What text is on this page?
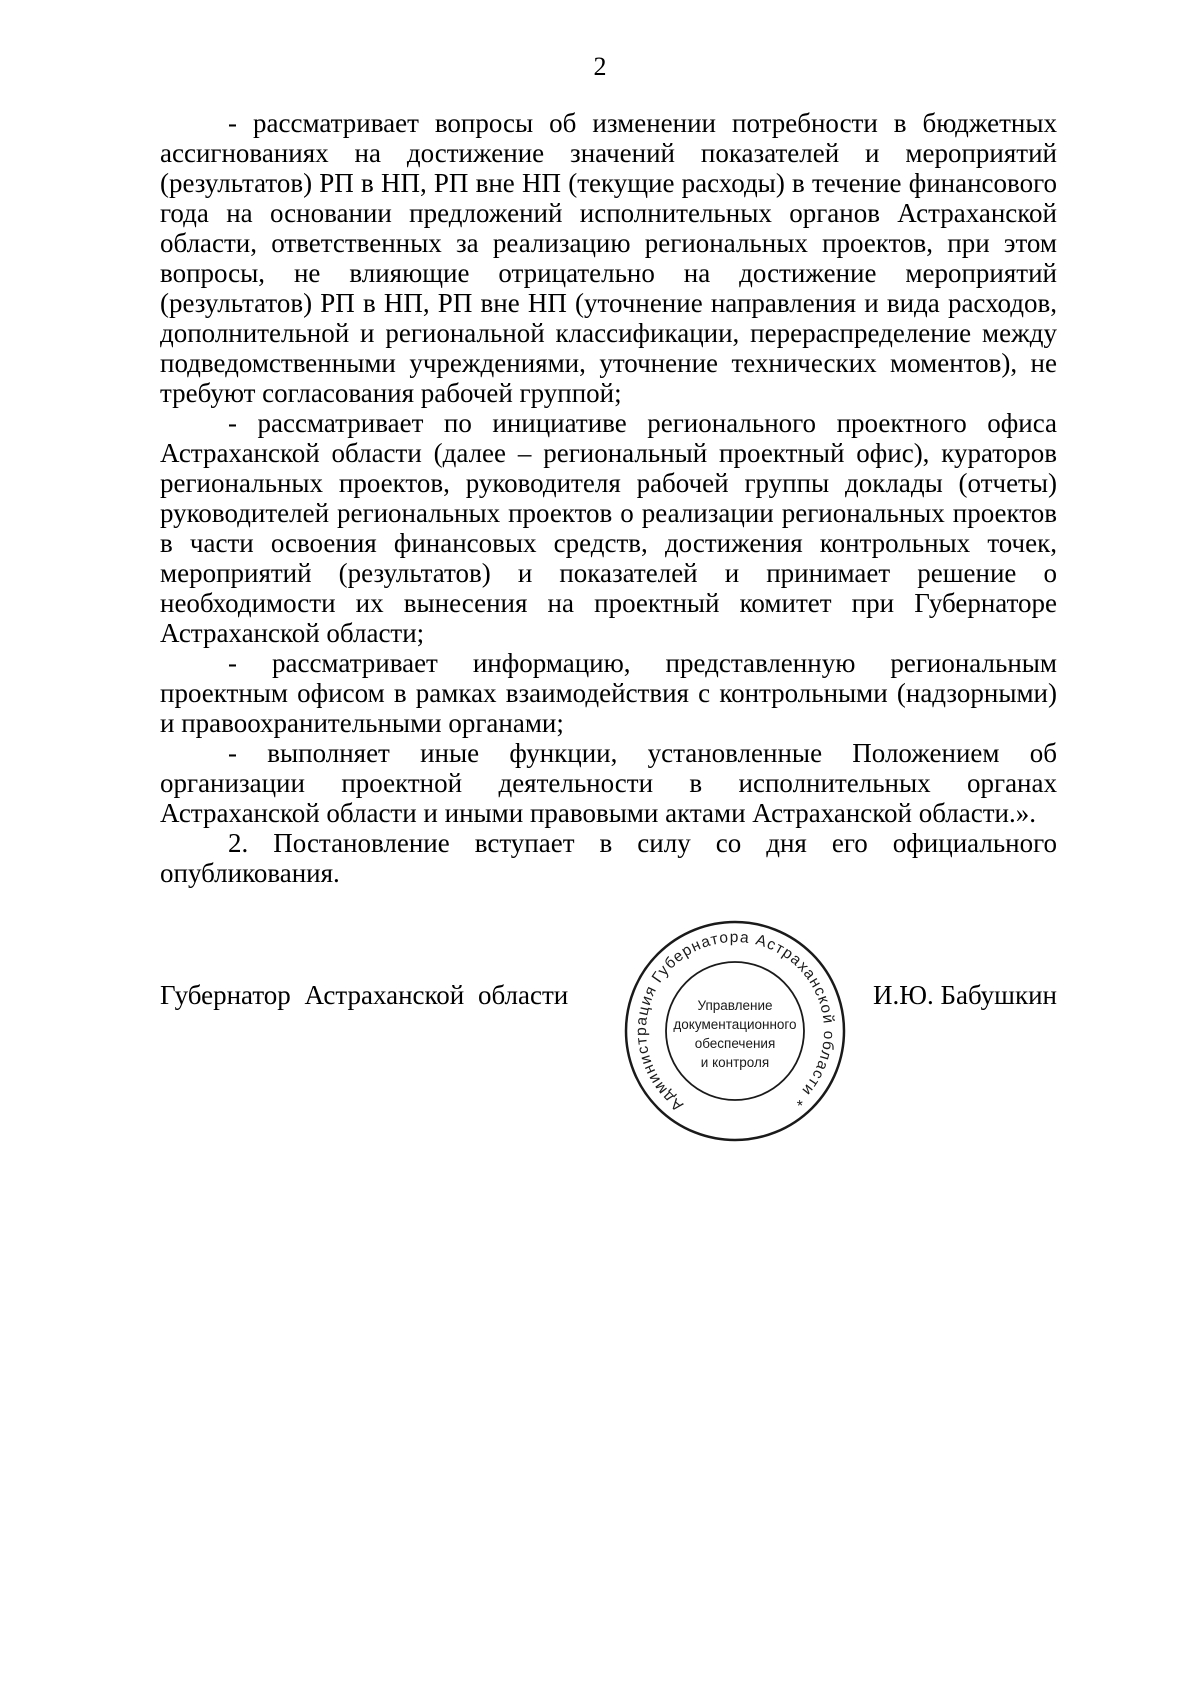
2

- рассматривает вопросы об изменении потребности в бюджетных ассигнованиях на достижение значений показателей и мероприятий (результатов) РП в НП, РП вне НП (текущие расходы) в течение финансового года на основании предложений исполнительных органов Астраханской области, ответственных за реализацию региональных проектов, при этом вопросы, не влияющие отрицательно на достижение мероприятий (результатов) РП в НП, РП вне НП (уточнение направления и вида расходов, дополнительной и региональной классификации, перераспределение между подведомственными учреждениями, уточнение технических моментов), не требуют согласования рабочей группой;

- рассматривает по инициативе регионального проектного офиса Астраханской области (далее – региональный проектный офис), кураторов региональных проектов, руководителя рабочей группы доклады (отчеты) руководителей региональных проектов о реализации региональных проектов в части освоения финансовых средств, достижения контрольных точек, мероприятий (результатов) и показателей и принимает решение о необходимости их вынесения на проектный комитет при Губернаторе Астраханской области;

- рассматривает информацию, представленную региональным проектным офисом в рамках взаимодействия с контрольными (надзорными) и правоохранительными органами;

- выполняет иные функции, установленные Положением об организации проектной деятельности в исполнительных органах Астраханской области и иными правовыми актами Астраханской области.».

2. Постановление вступает в силу со дня его официального опубликования.

Губернатор Астраханской области	И.Ю. Бабушкин
Администрация Губернатора Астраханской области *
Управление
документационного
обеспечения
и контроля
